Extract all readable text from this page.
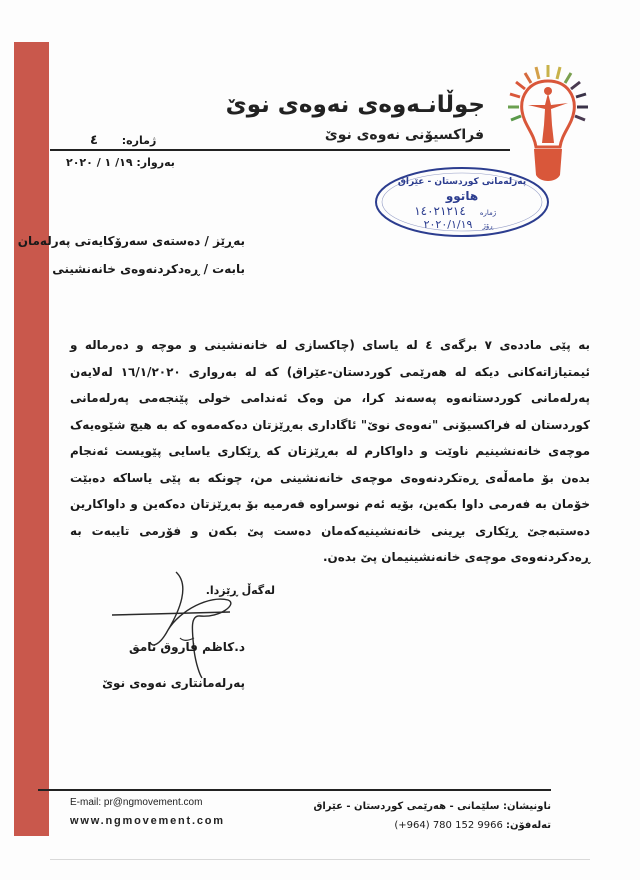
جوڵانـەوەی نەوەی نوێ
فراکسیۆنی نەوەی نوێ
ژمارە: ٤
بەروار: ١٩/ ١ / ٢٠٢٠
پەرلەمانی کوردستان - عێراق
هاتوو
ژمارە
١٤٠٢١٢١٤
ڕۆژ
٢٠٢٠/١/١٩
بەڕێز / دەستەی سەرۆکایەتی پەرلەمان
بابەت / ڕەدکردنەوەی خانەنشینی
بە پێی ماددەی ٧ برگەی ٤ لە یاسای (چاکسازی لە خانەنشینی و موچە و دەرمالە و ئیمتیازاتەکانی دیکە لە هەرێمی کوردستان-عێراق) کە لە بەرواری ١٦/١/٢٠٢٠ لەلایەن پەرلەمانی کوردستانەوە پەسەند کرا، من وەک ئەندامی خولی پێنجەمی پەرلەمانی کوردستان لە فراکسیۆنی "نەوەی نوێ" ئاگاداری بەڕێزتان دەکەمەوە کە بە هیچ شێوەیەک موچەی خانەنشینیم ناوێت و داواکارم لە بەڕێزتان کە ڕێکاری یاسایی پێویست ئەنجام بدەن بۆ مامەڵەی ڕەتکردنەوەی موچەی خانەنشینی من، چونکە بە پێی یاساکە دەبێت خۆمان بە فەرمی داوا بکەین، بۆیە ئەم نوسراوە فەرمیە بۆ بەڕێزتان دەکەین و داواکارین دەستبەجێ ڕێکاری بڕینی خانەنشینیەکەمان دەست پێ بکەن و فۆرمی تایبەت بە ڕەدکردنەوەی موچەی خانەنشینیمان پێ بدەن.
لەگەڵ ڕێزدا.
د.کاظم فاروق نامق
پەرلەمانتاری نەوەی نوێ
E-mail: pr@ngmovement.com
www.ngmovement.com
ناونیشان: سلێمانی - هەرێمی کوردستان - عێراق
تەلەفۆن: (+964) 780 152 9966
